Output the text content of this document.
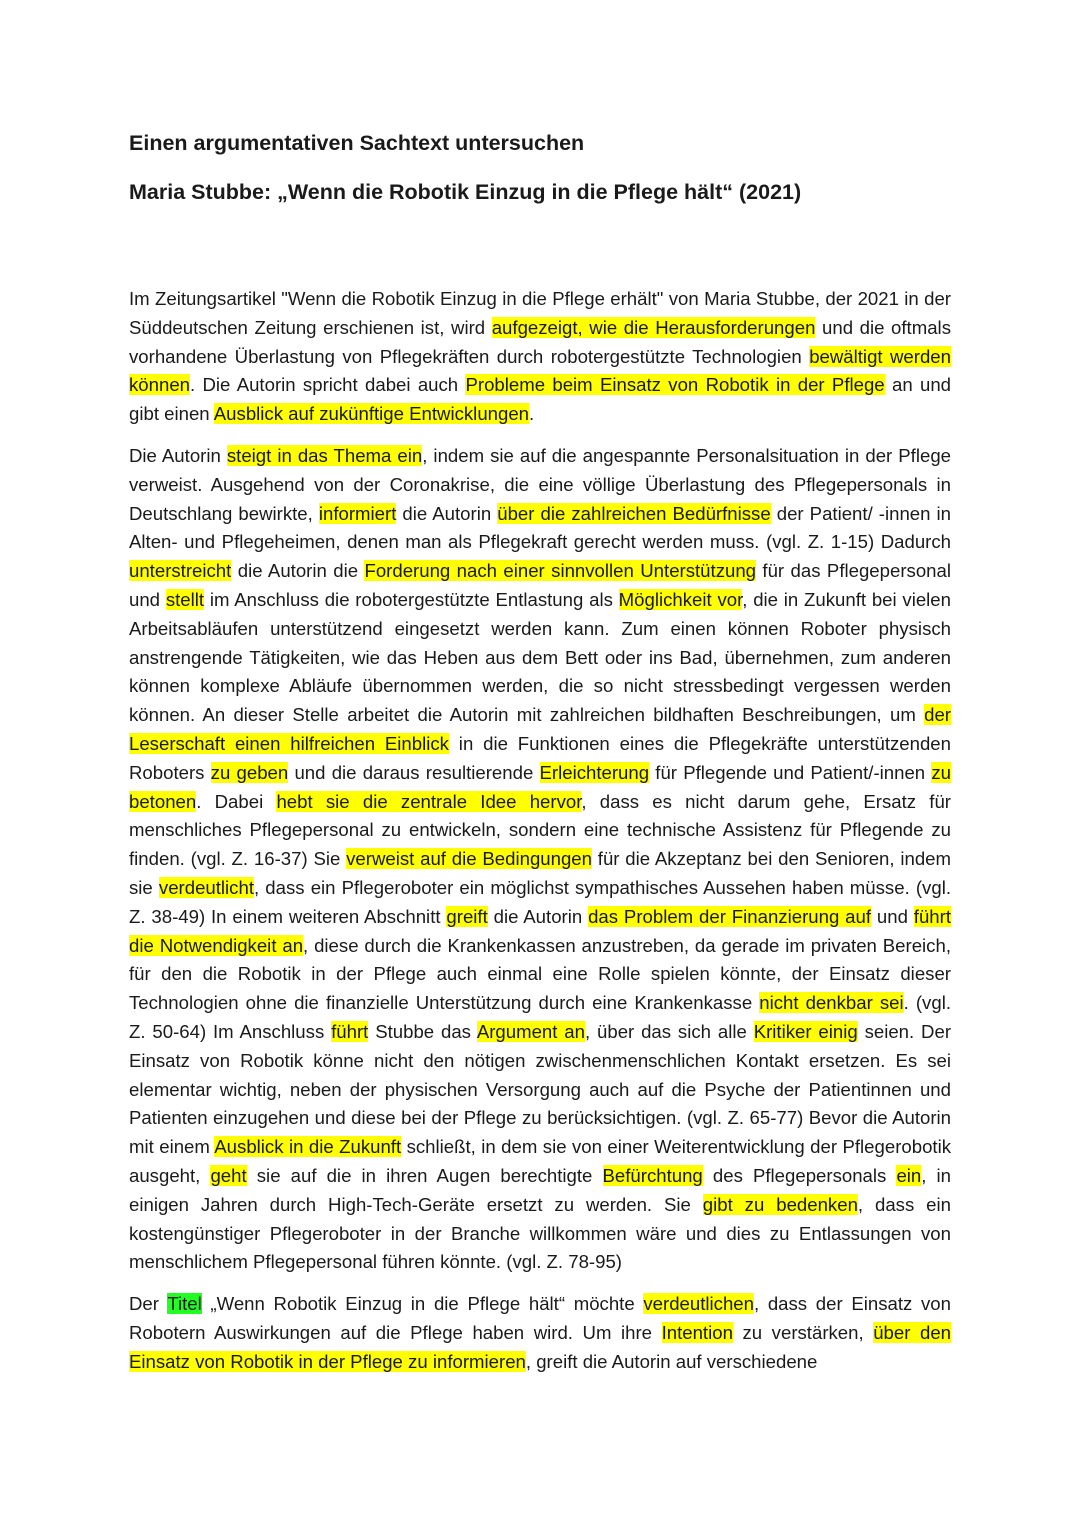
Einen argumentativen Sachtext untersuchen
Maria Stubbe: „Wenn die Robotik Einzug in die Pflege hält“ (2021)

Im Zeitungsartikel "Wenn die Robotik Einzug in die Pflege erhält" von Maria Stubbe, der 2021 in der Süddeutschen Zeitung erschienen ist, wird aufgezeigt, wie die Herausforderungen und die oftmals vorhandene Überlastung von Pflegekräften durch robotergestützte Technologien bewältigt werden können. Die Autorin spricht dabei auch Probleme beim Einsatz von Robotik in der Pflege an und gibt einen Ausblick auf zukünftige Entwicklungen.

Die Autorin steigt in das Thema ein, indem sie auf die angespannte Personalsituation in der Pflege verweist. Ausgehend von der Coronakrise, die eine völlige Überlastung des Pflegepersonals in Deutschlang bewirkte, informiert die Autorin über die zahlreichen Bedürfnisse der Patient/ -innen in Alten- und Pflegeheimen, denen man als Pflegekraft gerecht werden muss. (vgl. Z. 1-15) Dadurch unterstreicht die Autorin die Forderung nach einer sinnvollen Unterstützung für das Pflegepersonal und stellt im Anschluss die robotergestützte Entlastung als Möglichkeit vor, die in Zukunft bei vielen Arbeitsabläufen unterstützend eingesetzt werden kann. Zum einen können Roboter physisch anstrengende Tätigkeiten, wie das Heben aus dem Bett oder ins Bad, übernehmen, zum anderen können komplexe Abläufe übernommen werden, die so nicht stressbedingt vergessen werden können. An dieser Stelle arbeitet die Autorin mit zahlreichen bildhaften Beschreibungen, um der Leserschaft einen hilfreichen Einblick in die Funktionen eines die Pflegekräfte unterstützenden Roboters zu geben und die daraus resultierende Erleichterung für Pflegende und Patient/-innen zu betonen. Dabei hebt sie die zentrale Idee hervor, dass es nicht darum gehe, Ersatz für menschliches Pflegepersonal zu entwickeln, sondern eine technische Assistenz für Pflegende zu finden. (vgl. Z. 16-37) Sie verweist auf die Bedingungen für die Akzeptanz bei den Senioren, indem sie verdeutlicht, dass ein Pflegeroboter ein möglichst sympathisches Aussehen haben müsse. (vgl. Z. 38-49) In einem weiteren Abschnitt greift die Autorin das Problem der Finanzierung auf und führt die Notwendigkeit an, diese durch die Krankenkassen anzustreben, da gerade im privaten Bereich, für den die Robotik in der Pflege auch einmal eine Rolle spielen könnte, der Einsatz dieser Technologien ohne die finanzielle Unterstützung durch eine Krankenkasse nicht denkbar sei. (vgl. Z. 50-64) Im Anschluss führt Stubbe das Argument an, über das sich alle Kritiker einig seien. Der Einsatz von Robotik könne nicht den nötigen zwischenmenschlichen Kontakt ersetzen. Es sei elementar wichtig, neben der physischen Versorgung auch auf die Psyche der Patientinnen und Patienten einzugehen und diese bei der Pflege zu berücksichtigen. (vgl. Z. 65-77) Bevor die Autorin mit einem Ausblick in die Zukunft schließt, in dem sie von einer Weiterentwicklung der Pflegerobotik ausgeht, geht sie auf die in ihren Augen berechtigte Befürchtung des Pflegepersonals ein, in einigen Jahren durch High-Tech-Geräte ersetzt zu werden. Sie gibt zu bedenken, dass ein kostengünstiger Pflegeroboter in der Branche willkommen wäre und dies zu Entlassungen von menschlichem Pflegepersonal führen könnte. (vgl. Z. 78-95)

Der Titel „Wenn Robotik Einzug in die Pflege hält“ möchte verdeutlichen, dass der Einsatz von Robotern Auswirkungen auf die Pflege haben wird. Um ihre Intention zu verstärken, über den Einsatz von Robotik in der Pflege zu informieren, greift die Autorin auf verschiedene
